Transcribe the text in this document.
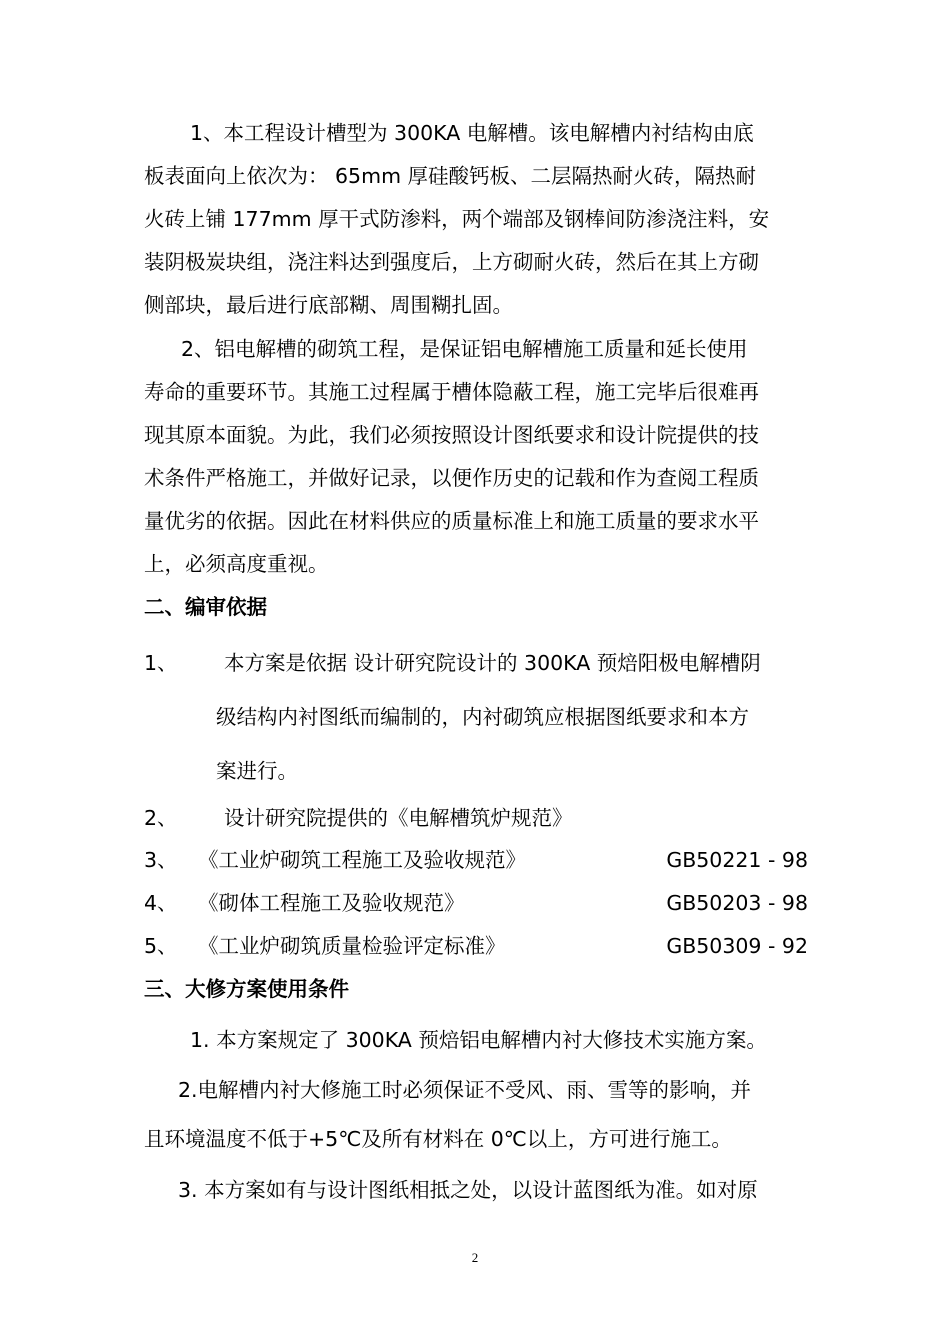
1、本工程设计槽型为 300KA 电解槽。该电解槽内衬结构由底
板表面向上依次为： 65mm 厚硅酸钙板、二层隔热耐火砖，隔热耐
火砖上铺 177mm 厚干式防渗料，两个端部及钢棒间防渗浇注料，安
装阴极炭块组，浇注料达到强度后，上方砌耐火砖，然后在其上方砌
侧部块，最后进行底部糊、周围糊扎固。
2、铝电解槽的砌筑工程，是保证铝电解槽施工质量和延长使用
寿命的重要环节。其施工过程属于槽体隐蔽工程，施工完毕后很难再
现其原本面貌。为此，我们必须按照设计图纸要求和设计院提供的技
术条件严格施工，并做好记录，以便作历史的记载和作为查阅工程质
量优劣的依据。因此在材料供应的质量标准上和施工质量的要求水平
上，必须高度重视。
二、编审依据
1、 本方案是依据 设计研究院设计的 300KA 预焙阳极电解槽阴
级结构内衬图纸而编制的，内衬砌筑应根据图纸要求和本方
案进行。
2、 设计研究院提供的《电解槽筑炉规范》
3、 《工业炉砌筑工程施工及验收规范》	GB50221 - 98
4、 《砌体工程施工及验收规范》	GB50203 - 98
5、 《工业炉砌筑质量检验评定标准》	GB50309 - 92
三、大修方案使用条件
1. 本方案规定了 300KA 预焙铝电解槽内衬大修技术实施方案。
2.电解槽内衬大修施工时必须保证不受风、雨、雪等的影响，并
且环境温度不低于+5℃及所有材料在 0℃以上，方可进行施工。
3. 本方案如有与设计图纸相抵之处，以设计蓝图纸为准。如对原
2
